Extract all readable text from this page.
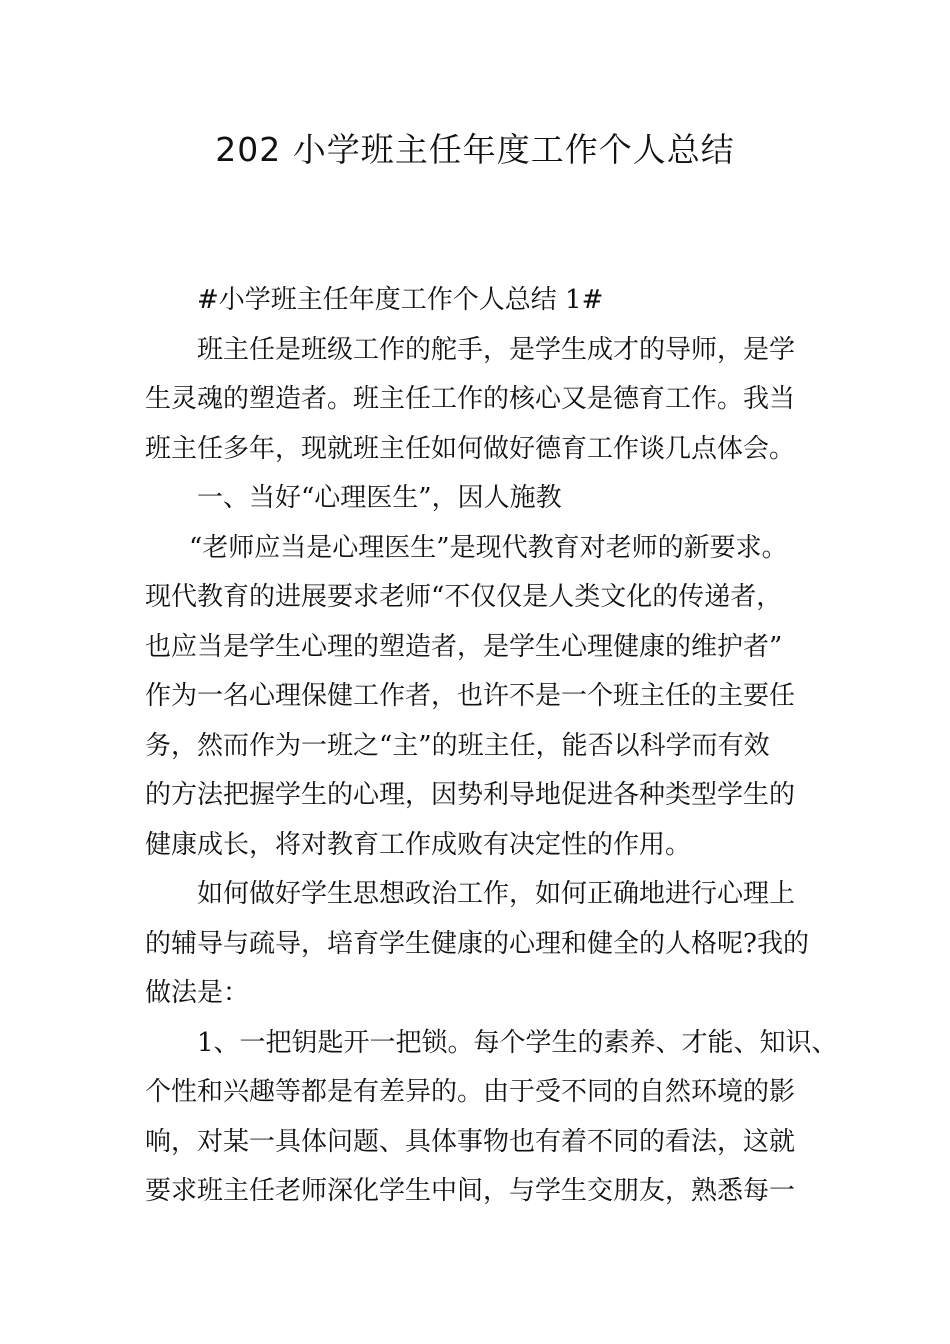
202 小学班主任年度工作个人总结

#小学班主任年度工作个人总结 1#

班主任是班级工作的舵手，是学生成才的导师，是学
生灵魂的塑造者。班主任工作的核心又是德育工作。我当
班主任多年，现就班主任如何做好德育工作谈几点体会。

一、当好“心理医生”，因人施教

“老师应当是心理医生”是现代教育对老师的新要求。
现代教育的进展要求老师“不仅仅是人类文化的传递者，
也应当是学生心理的塑造者，是学生心理健康的维护者”
作为一名心理保健工作者，也许不是一个班主任的主要任
务，然而作为一班之“主”的班主任，能否以科学而有效
的方法把握学生的心理，因势利导地促进各种类型学生的
健康成长，将对教育工作成败有决定性的作用。

如何做好学生思想政治工作，如何正确地进行心理上
的辅导与疏导，培育学生健康的心理和健全的人格呢?我的
做法是：

1、一把钥匙开一把锁。每个学生的素养、才能、知识、
个性和兴趣等都是有差异的。由于受不同的自然环境的影
响，对某一具体问题、具体事物也有着不同的看法，这就
要求班主任老师深化学生中间，与学生交朋友，熟悉每一
